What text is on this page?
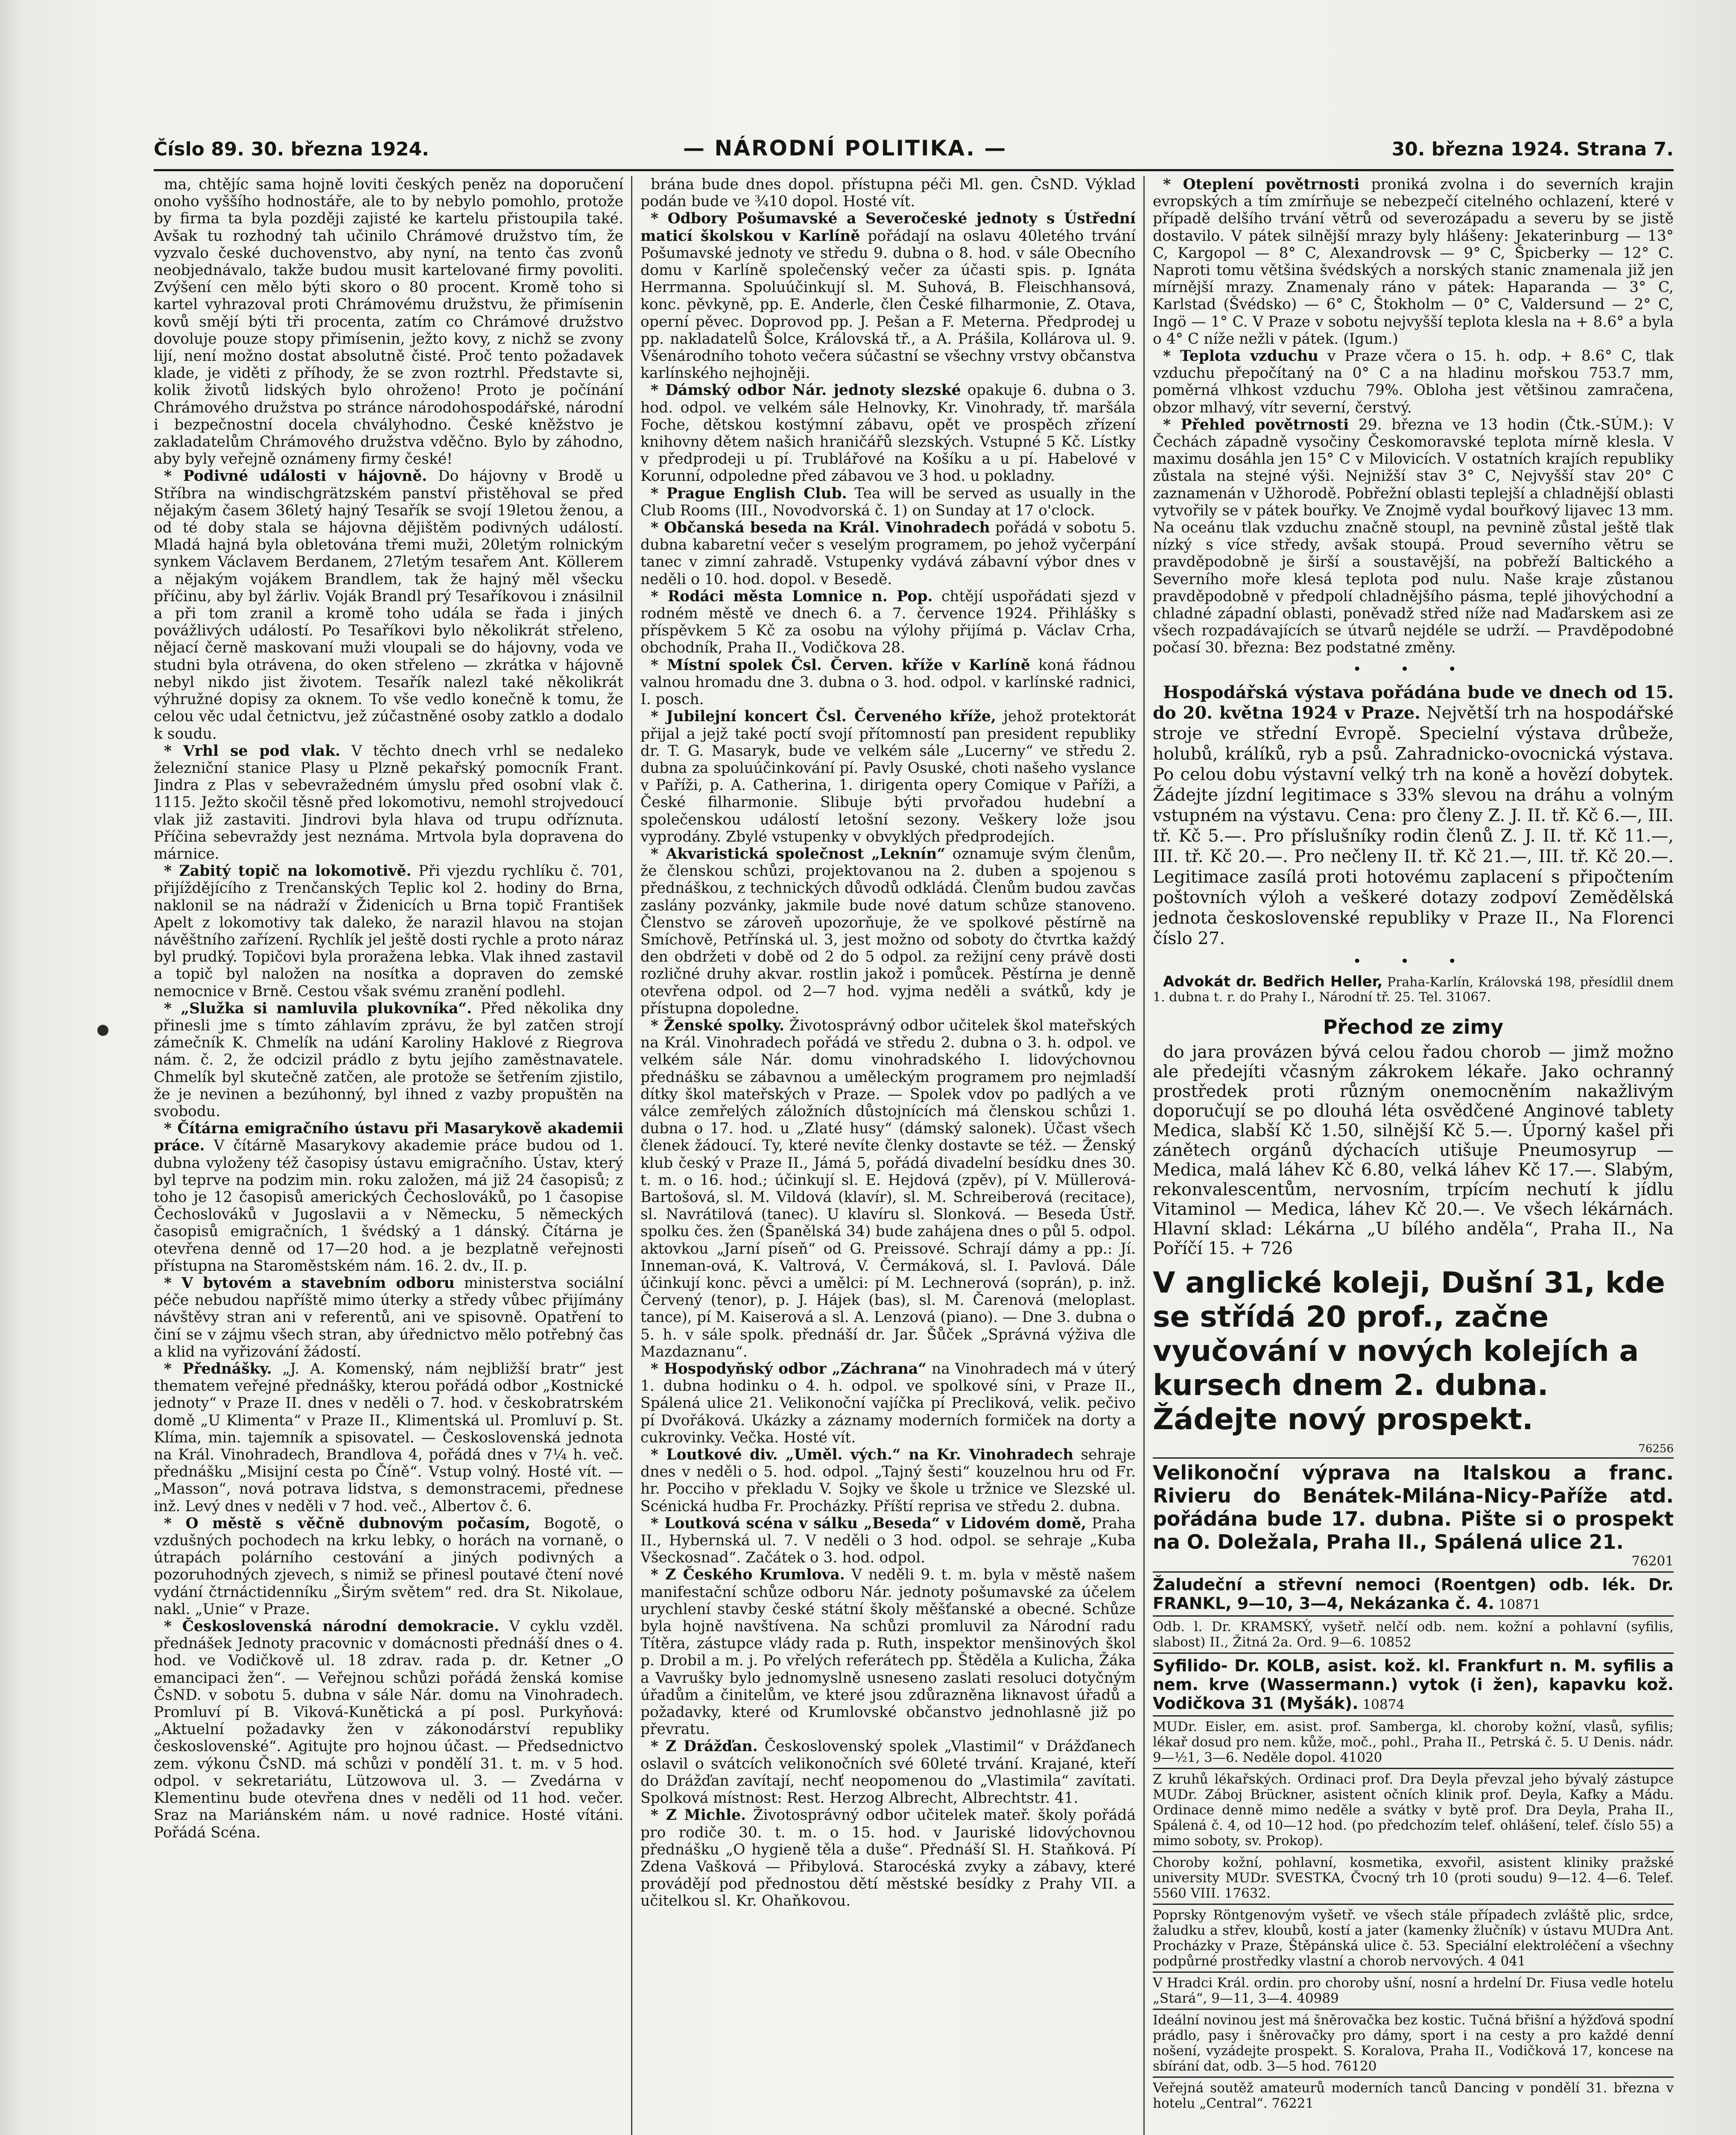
Číslo 89. 30. března 1924.	— NÁRODNÍ POLITIKA. —	30. března 1924. Strana 7.

ma, chtějíc sama hojně loviti českých peněz na doporučení onoho vyššího hodnostáře, ale to by nebylo pomohlo, protože by firma ta byla později zajisté ke kartelu přistoupila také. Avšak tu rozhodný tah učinilo Chrámové družstvo tím, že vyzvalo české duchovenstvo, aby nyní, na tento čas zvonů neobjednávalo, takže budou musit kartelované firmy povoliti. Zvýšení cen mělo býti skoro o 80 procent. Kromě toho si kartel vyhrazoval proti Chrámovému družstvu, že přimísenin kovů smějí býti tři procenta, zatím co Chrámové družstvo dovoluje pouze stopy přimísenin, ježto kovy, z nichž se zvony lijí, není možno dostat absolutně čisté. Proč tento požadavek klade, je viděti z příhody, že se zvon roztrhl. Představte si, kolik životů lidských bylo ohroženo! Proto je počínání Chrámového družstva po stránce národohospodářské, národní i bezpečnostní docela chvályhodno. České kněžstvo je zakladatelům Chrámového družstva vděčno. Bylo by záhodno, aby byly veřejně oznámeny firmy české!

* Podivné události v hájovně. Do hájovny v Brodě u Stříbra na windischgrätzském panství přistěhoval se před nějakým časem 36letý hajný Tesařík se svojí 19letou ženou, a od té doby stala se hájovna dějištěm podivných událostí. Mladá hajná byla obletována třemi muži, 20letým rolnickým synkem Václavem Berdanem, 27letým tesařem Ant. Köllerem a nějakým vojákem Brandlem, tak že hajný měl všecku příčinu, aby byl žárliv. Voják Brandl prý Tesaříkovou i znásilnil a při tom zranil a kromě toho udála se řada i jiných povážlivých událostí. Po Tesaříkovi bylo několikrát střeleno, nějací černě maskovaní muži vloupali se do hájovny, voda ve studni byla otrávena, do oken střeleno — zkrátka v hájovně nebyl nikdo jist životem. Tesařík nalezl také několikrát výhružné dopisy za oknem. To vše vedlo konečně k tomu, že celou věc udal četnictvu, jež zúčastněné osoby zatklo a dodalo k soudu.

* Vrhl se pod vlak. V těchto dnech vrhl se nedaleko železniční stanice Plasy u Plzně pekařský pomocník Frant. Jindra z Plas v sebevražedném úmyslu před osobní vlak č. 1115. Ježto skočil těsně před lokomotivu, nemohl strojvedoucí vlak již zastaviti. Jindrovi byla hlava od trupu odříznuta. Příčina sebevraždy jest neznáma. Mrtvola byla dopravena do márnice.

* Zabitý topič na lokomotivě. Při vjezdu rychlíku č. 701, přijíždějícího z Trenčanských Teplic kol 2. hodiny do Brna, naklonil se na nádraží v Židenicích u Brna topič František Apelt z lokomotivy tak daleko, že narazil hlavou na stojan návěštního zařízení. Rychlík jel ještě dosti rychle a proto náraz byl prudký. Topičovi byla proražena lebka. Vlak ihned zastavil a topič byl naložen na nosítka a dopraven do zemské nemocnice v Brně. Cestou však svému zranění podlehl.

* „Služka si namluvila plukovníka“. Před několika dny přinesli jme s tímto záhlavím zprávu, že byl zatčen strojí zámečník K. Chmelík na udání Karoliny Haklové z Riegrova nám. č. 2, že odcizil prádlo z bytu jejího zaměstnavatele. Chmelík byl skutečně zatčen, ale protože se šetřením zjistilo, že je nevinen a bezúhonný, byl ihned z vazby propuštěn na svobodu.

* Čítárna emigračního ústavu při Masarykově akademii práce. V čítárně Masarykovy akademie práce budou od 1. dubna vyloženy též časopisy ústavu emigračního. Ústav, který byl teprve na podzim min. roku založen, má již 24 časopisů; z toho je 12 časopisů amerických Čechoslováků, po 1 časopise Čechoslováků v Jugoslavii a v Německu, 5 německých časopisů emigračních, 1 švédský a 1 dánský. Čítárna je otevřena denně od 17—20 hod. a je bezplatně veřejnosti přístupna na Staroměstském nám. 16. 2. dv., II. p.

* V bytovém a stavebním odboru ministerstva sociální péče nebudou napříště mimo úterky a středy vůbec přijímány návštěvy stran ani v referentů, ani ve spisovně. Opatření to činí se v zájmu všech stran, aby úřednictvo mělo potřebný čas a klid na vyřizování žádostí.

* Přednášky. „J. A. Komenský, nám nejbližší bratr“ jest thematem veřejné přednášky, kterou pořádá odbor „Kostnické jednoty“ v Praze II. dnes v neděli o 7. hod. v českobratrském domě „U Klimenta“ v Praze II., Klimentská ul. Promluví p. St. Klíma, min. tajemník a spisovatel. — Československá jednota na Král. Vinohradech, Brandlova 4, pořádá dnes v 7¼ h. več. přednášku „Misijní cesta po Číně“. Vstup volný. Hosté vít. — „Masson“, nová potrava lidstva, s demonstracemi, přednese inž. Levý dnes v neděli v 7 hod. več., Albertov č. 6.

* O městě s věčně dubnovým počasím, Bogotě, o vzdušných pochodech na krku lebky, o horách na vornaně, o útrapách polárního cestování a jiných podivných a pozoruhodných zjevech, s nimiž se přinesl poutavé čtení nové vydání čtrnáctidenníku „Širým světem“ red. dra St. Nikolaue, nakl. „Unie“ v Praze.

* Československá národní demokracie. V cyklu vzděl. přednášek Jednoty pracovnic v domácnosti přednáší dnes o 4. hod. ve Vodičkově ul. 18 zdrav. rada p. dr. Ketner „O emancipaci žen“. — Veřejnou schůzi pořádá ženská komise ČsND. v sobotu 5. dubna v sále Nár. domu na Vinohradech. Promluví pí B. Viková-Kunětická a pí posl. Purkyňová: „Aktuelní požadavky žen v zákonodárství republiky československé“. Agitujte pro hojnou účast. — Předsednictvo zem. výkonu ČsND. má schůzi v pondělí 31. t. m. v 5 hod. odpol. v sekretariátu, Lützowova ul. 3. — Zvedárna v Klementinu bude otevřena dnes v neděli od 11 hod. večer. Sraz na Mariánském nám. u nové radnice. Hosté vítáni. Pořádá Scéna.

brána bude dnes dopol. přístupna péči Ml. gen. ČsND. Výklad podán bude ve ¾10 dopol. Hosté vít.

* Odbory Pošumavské a Severočeské jednoty s Ústřední maticí školskou v Karlíně pořádají na oslavu 40letého trvání Pošumavské jednoty ve středu 9. dubna o 8. hod. v sále Obecního domu v Karlíně společenský večer za účasti spis. p. Ignáta Herrmanna. Spoluúčinkují sl. M. Suhová, B. Fleischhansová, konc. pěvkyně, pp. E. Anderle, člen České filharmonie, Z. Otava, operní pěvec. Doprovod pp. J. Pešan a F. Meterna. Předprodej u pp. nakladatelů Šolce, Královská tř., a A. Prášila, Kollárova ul. 9. Všenárodního tohoto večera súčastní se všechny vrstvy občanstva karlínského nejhojněji.

* Dámský odbor Nár. jednoty slezské opakuje 6. dubna o 3. hod. odpol. ve velkém sále Helnovky, Kr. Vinohrady, tř. maršála Foche, dětskou kostýmní zábavu, opět ve prospěch zřízení knihovny dětem našich hraničářů slezských. Vstupné 5 Kč. Lístky v předprodeji u pí. Trublářové na Košíku a u pí. Habelové v Korunní, odpoledne před zábavou ve 3 hod. u pokladny.

* Prague English Club. Tea will be served as usually in the Club Rooms (III., Novodvorská č. 1) on Sunday at 17 o'clock.

* Občanská beseda na Král. Vinohradech pořádá v sobotu 5. dubna kabaretní večer s veselým programem, po jehož vyčerpání tanec v zimní zahradě. Vstupenky vydává zábavní výbor dnes v neděli o 10. hod. dopol. v Besedě.

* Rodáci města Lomnice n. Pop. chtějí uspořádati sjezd v rodném městě ve dnech 6. a 7. července 1924. Přihlášky s příspěvkem 5 Kč za osobu na výlohy přijímá p. Václav Crha, obchodník, Praha II., Vodičkova 28.

* Místní spolek Čsl. Červen. kříže v Karlíně koná řádnou valnou hromadu dne 3. dubna o 3. hod. odpol. v karlínské radnici, I. posch.

* Jubilejní koncert Čsl. Červeného kříže, jehož protektorát přijal a jejž také poctí svojí přítomností pan president republiky dr. T. G. Masaryk, bude ve velkém sále „Lucerny“ ve středu 2. dubna za spoluúčinkování pí. Pavly Osuské, choti našeho vyslance v Paříži, p. A. Catherina, 1. dirigenta opery Comique v Paříži, a České filharmonie. Slibuje býti prvořadou hudební a společenskou událostí letošní sezony. Veškery lože jsou vyprodány. Zbylé vstupenky v obvyklých předprodejích.

* Akvaristická společnost „Leknín“ oznamuje svým členům, že členskou schůzi, projektovanou na 2. duben a spojenou s přednáškou, z technických důvodů odkládá. Členům budou zavčas zaslány pozvánky, jakmile bude nové datum schůze stanoveno. Členstvo se zároveň upozorňuje, že ve spolkové pěstírně na Smíchově, Petřínská ul. 3, jest možno od soboty do čtvrtka každý den obdržeti v době od 2 do 5 odpol. za režijní ceny právě dosti rozličné druhy akvar. rostlin jakož i pomůcek. Pěstírna je denně otevřena odpol. od 2—7 hod. vyjma neděli a svátků, kdy je přístupna dopoledne.

* Ženské spolky. Životosprávný odbor učitelek škol mateřských na Král. Vinohradech pořádá ve středu 2. dubna o 3. h. odpol. ve velkém sále Nár. domu vinohradského I. lidovýchovnou přednášku se zábavnou a uměleckým programem pro nejmladší dítky škol mateřských v Praze. — Spolek vdov po padlých a ve válce zemřelých záložních důstojnících má členskou schůzi 1. dubna o 17. hod. u „Zlaté husy“ (dámský salonek). Účast všech členek žádoucí. Ty, které nevíte členky dostavte se též. — Ženský klub český v Praze II., Jámá 5, pořádá divadelní besídku dnes 30. t. m. o 16. hod.; účinkují sl. E. Hejdová (zpěv), pí V. Müllerová-Bartošová, sl. M. Vildová (klavír), sl. M. Schreiberová (recitace), sl. Navrátilová (tanec). U klavíru sl. Slonková. — Beseda Ústř. spolku čes. žen (Španělská 34) bude zahájena dnes o půl 5. odpol. aktovkou „Jarní píseň“ od G. Preissové. Schrají dámy a pp.: Jí. Inneman-ová, K. Valtrová, V. Čermáková, sl. I. Pavlová. Dále účinkují konc. pěvci a umělci: pí M. Lechnerová (soprán), p. inž. Červený (tenor), p. J. Hájek (bas), sl. M. Čarenová (meloplast. tance), pí M. Kaiserová a sl. A. Lenzová (piano). — Dne 3. dubna o 5. h. v sále spolk. přednáší dr. Jar. Šůček „Správná výživa dle Mazdaznanu“.

* Hospodyňský odbor „Záchrana“ na Vinohradech má v úterý 1. dubna hodinku o 4. h. odpol. ve spolkové síni, v Praze II., Spálená ulice 21. Velikonoční vajíčka pí Precliková, velik. pečivo pí Dvořáková. Ukázky a záznamy moderních formiček na dorty a cukrovinky. Večka. Hosté vít.

* Loutkové div. „Uměl. vých.“ na Kr. Vinohradech sehraje dnes v neděli o 5. hod. odpol. „Tajný šesti“ kouzelnou hru od Fr. hr. Pocciho v překladu V. Sojky ve škole u tržnice ve Slezské ul. Scénická hudba Fr. Procházky. Příští reprisa ve středu 2. dubna.

* Loutková scéna v sálku „Beseda“ v Lidovém domě, Praha II., Hybernská ul. 7. V neděli o 3 hod. odpol. se sehraje „Kuba Všeckosnad“. Začátek o 3. hod. odpol.

* Z Českého Krumlova. V neděli 9. t. m. byla v městě našem manifestační schůze odboru Nár. jednoty pošumavské za účelem urychlení stavby české státní školy měšťanské a obecné. Schůze byla hojně navštívena. Na schůzi promluvil za Národní radu Títěra, zástupce vlády rada p. Ruth, inspektor menšinových škol p. Drobil a m. j. Po vřelých referátech pp. Štěděla a Kulicha, Žáka a Vavrušky bylo jednomyslně usneseno zaslati resoluci dotyčným úřadům a činitelům, ve které jsou zdůrazněna liknavost úřadů a požadavky, které od Krumlovské občanstvo jednohlasně již po převratu.

* Z Drážďan. Československý spolek „Vlastimil“ v Drážďanech oslavil o svátcích velikonočních své 60leté trvání. Krajané, kteří do Drážďan zavítají, nechť neopomenou do „Vlastimila“ zavítati. Spolková místnost: Rest. Herzog Albrecht, Albrechtstr. 41.

* Z Michle. Životosprávný odbor učitelek mateř. školy pořádá pro rodiče 30. t. m. o 15. hod. v Jauriské lidovýchovnou přednášku „O hygieně těla a duše“. Přednáší Sl. H. Staňková. Pí Zdena Vašková — Přibylová. Starocéská zvyky a zábavy, které provádějí pod přednostou dětí městské besídky z Prahy VII. a učitelkou sl. Kr. Ohaňkovou.

* Oteplení povětrnosti proniká zvolna i do severních krajin evropských a tím zmírňuje se nebezpečí citelného ochlazení, které v případě delšího trvání větrů od severozápadu a severu by se jistě dostavilo. V pátek silnější mrazy byly hlášeny: Jekaterinburg — 13° C, Kargopol — 8° C, Alexandrovsk — 9° C, Špicberky — 12° C. Naproti tomu většina švédských a norských stanic znamenala již jen mírnější mrazy. Znamenaly ráno v pátek: Haparanda — 3° C, Karlstad (Švédsko) — 6° C, Štokholm — 0° C, Valdersund — 2° C, Ingö — 1° C. V Praze v sobotu nejvyšší teplota klesla na + 8.6° a byla o 4° C níže nežli v pátek. (Igum.)

* Teplota vzduchu v Praze včera o 15. h. odp. + 8.6° C, tlak vzduchu přepočítaný na 0° C a na hladinu mořskou 753.7 mm, poměrná vlhkost vzduchu 79%. Obloha jest většinou zamračena, obzor mlhavý, vítr severní, čerstvý.

* Přehled povětrnosti 29. března ve 13 hodin (Čtk.-SÚM.): V Čechách západně vysočiny Českomoravské teplota mírně klesla. V maximu dosáhla jen 15° C v Milovicích. V ostatních krajích republiky zůstala na stejné výši. Nejnižší stav 3° C, Nejvyšší stav 20° C zaznamenán v Užhorodě. Pobřežní oblasti teplejší a chladnější oblasti vytvořily se v pátek bouřky. Ve Znojmě vydal bouřkový lijavec 13 mm. Na oceánu tlak vzduchu značně stoupl, na pevnině zůstal ještě tlak nízký s více středy, avšak stoupá. Proud severního větru se pravděpodobně je širší a soustavější, na pobřeží Baltického a Severního moře klesá teplota pod nulu. Naše kraje zůstanou pravděpodobně v předpolí chladnějšího pásma, teplé jihovýchodní a chladné západní oblasti, poněvadž střed níže nad Maďarskem asi ze všech rozpadávajících se útvarů nejdéle se udrží. — Pravděpodobné počasí 30. března: Bez podstatné změny.

• • •

Hospodářská výstava pořádána bude ve dnech od 15. do 20. května 1924 v Praze. Největší trh na hospodářské stroje ve střední Evropě. Specielní výstava drůbeže, holubů, králíků, ryb a psů. Zahradnicko-ovocnická výstava. Po celou dobu výstavní velký trh na koně a hovězí dobytek. Žádejte jízdní legitimace s 33% slevou na dráhu a volným vstupném na výstavu. Cena: pro členy Z. J. II. tř. Kč 6.—, III. tř. Kč 5.—. Pro příslušníky rodin členů Z. J. II. tř. Kč 11.—, III. tř. Kč 20.—. Pro nečleny II. tř. Kč 21.—, III. tř. Kč 20.—. Legitimace zasílá proti hotovému zaplacení s připočtením poštovních výloh a veškeré dotazy zodpoví Zemědělská jednota československé republiky v Praze II., Na Florenci číslo 27.

• • •

Advokát dr. Bedřich Heller, Praha-Karlín, Královská 198, přesídlil dnem 1. dubna t. r. do Prahy I., Národní tř. 25. Tel. 31067.

Přechod ze zimy

do jara provázen bývá celou řadou chorob — jimž možno ale předejíti včasným zákrokem lékaře. Jako ochranný prostředek proti různým onemocněním nakažlivým doporučují se po dlouhá léta osvědčené Anginové tablety Medica, slabší Kč 1.50, silnější Kč 5.—. Úporný kašel při zánětech orgánů dýchacích utišuje Pneumosyrup — Medica, malá láhev Kč 6.80, velká láhev Kč 17.—. Slabým, rekonvalescentům, nervosním, trpícím nechutí k jídlu Vitaminol — Medica, láhev Kč 20.—. Ve všech lékárnách. Hlavní sklad: Lékárna „U bílého anděla“, Praha II., Na Poříčí 15. + 726

V anglické koleji, Dušní 31, kde se střídá 20 prof., začne vyučování v nových kolejích a kursech dnem 2. dubna. Žádejte nový prospekt.
76256
Velikonoční výprava na Italskou a franc. Rivieru do Benátek-Milána-Nicy-Paříže atd. pořádána bude 17. dubna. Pište si o prospekt na O. Doležala, Praha II., Spálená ulice 21.
76201
Žaludeční a střevní nemoci (Roentgen) odb. lék. Dr. FRANKL, 9—10, 3—4, Nekázanka č. 4. 10871
Odb. l. Dr. KRAMSKÝ, vyšetř. nelčí odb. nem. kožní a pohlavní (syfilis, slabost) II., Žitná 2a. Ord. 9—6. 10852
Syfilido- Dr. KOLB, asist. kož. kl. Frankfurt n. M. syfilis a nem. krve (Wassermann.) vytok (i žen), kapavku kož. Vodičkova 31 (Myšák). 10874
MUDr. Eisler, em. asist. prof. Samberga, kl. choroby kožní, vlasů, syfilis; lékař dosud pro nem. kůže, moč., pohl., Praha II., Petrská č. 5. U Denis. nádr. 9—½1, 3—6. Neděle dopol. 41020
Z kruhů lékařských. Ordinaci prof. Dra Deyla převzal jeho bývalý zástupce MUDr. Záboj Brückner, asistent očních klinik prof. Deyla, Kafky a Mádu. Ordinace denně mimo neděle a svátky v bytě prof. Dra Deyla, Praha II., Spálená č. 4, od 10—12 hod. (po předchozím telef. ohlášení, telef. číslo 55) a mimo soboty, sv. Prokop).
Choroby kožní, pohlavní, kosmetika, exvořil, asistent kliniky pražské university MUDr. SVESTKA, Čvocný trh 10 (proti soudu) 9—12. 4—6. Telef. 5560 VIII. 17632.
Poprsky Röntgenovým vyšetř. ve všech stále případech zvláště plic, srdce, žaludku a střev, kloubů, kostí a jater (kamenky žlučník) v ústavu MUDra Ant. Procházky v Praze, Štěpánská ulice č. 53. Speciální elektroléčení a všechny podpůrné prostředky vlastní a chorob nervových. 4 041
V Hradci Král. ordin. pro choroby ušní, nosní a hrdelní Dr. Fiusa vedle hotelu „Stará“, 9—11, 3—4. 40989
Ideální novinou jest má šněrovačka bez kostic. Tučná břišní a hýžďová spodní prádlo, pasy i šněrovačky pro dámy, sport i na cesty a pro každé denní nošení, vyzádejte prospekt. S. Koralova, Praha II., Vodičková 17, koncese na sbírání dat, odb. 3—5 hod. 76120
Veřejná soutěž amateurů moderních tanců Dancing v pondělí 31. března v hotelu „Central“. 76221
